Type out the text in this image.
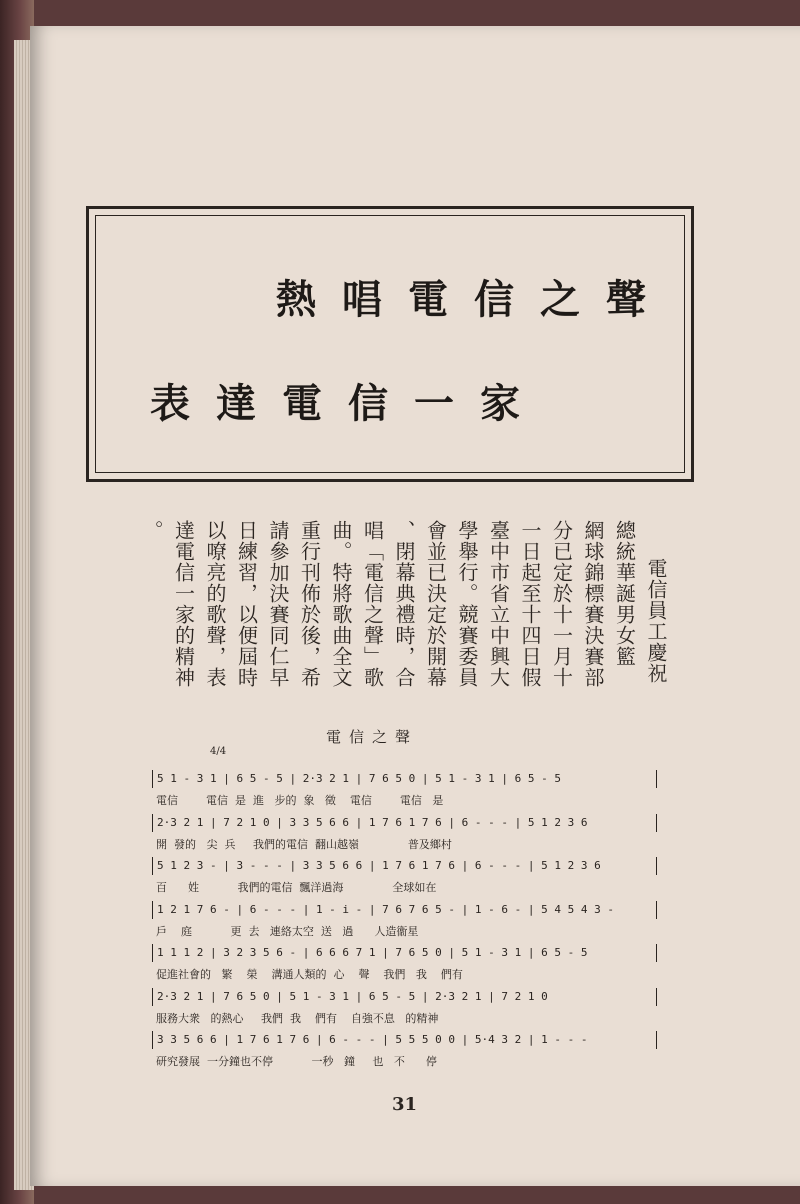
熱唱電信之聲
表達電信一家
電信員工慶祝
總統華誕男女籃
網球錦標賽決賽部
分已定於十一月十
一日起至十四日假
臺中市省立中興大
學舉行。競賽委員
會並已決定於開幕
、閉幕典禮時，合
唱「電信之聲」歌
曲。特將歌曲全文
重行刊佈於後，希
請參加決賽同仁早
日練習，以便屆時
以嘹亮的歌聲，表
達電信一家的精神
。
電信之聲
4/4
5 1 - 3 1 | 6 5 - 5 | 2·3 2 1 | 7 6 5 0 | 5 1 - 3 1 | 6 5 - 5
電信        電信  是  進   步的  象   徵    電信        電信   是
2·3 2 1 | 7 2 1 0 | 3 3 5 6 6 | 1 7 6 1 7 6 | 6 - - - | 5 1 2 3 6
開  發的   尖  兵     我們的電信  翻山越嶺              普及鄉村
5 1 2 3 - | 3 - - - | 3 3 5 6 6 | 1 7 6 1 7 6 | 6 - - - | 5 1 2 3 6
百      姓           我們的電信  飄洋過海              全球如在
1 2 1 7 6 - | 6 - - - | 1 - i - | 7 6 7 6 5 - | 1 - 6 - | 5 4 5 4 3 -
戶    庭           更  去   連絡太空  送   過      人造衞星
1 1 1 2 | 3 2 3 5 6 - | 6 6 6 7 1 | 7 6 5 0 | 5 1 - 3 1 | 6 5 - 5
促進社會的   繁    榮    溝通人類的  心    聲    我們   我    們有
2·3 2 1 | 7 6 5 0 | 5 1 - 3 1 | 6 5 - 5 | 2·3 2 1 | 7 2 1 0
服務大衆   的熱心     我們  我    們有    自強不息   的精神
3 3 5 6 6 | 1 7 6 1 7 6 | 6 - - - | 5 5 5 0 0 | 5·4 3 2 | 1 - - -
研究發展  一分鐘也不停           一秒   鐘     也   不      停
31
